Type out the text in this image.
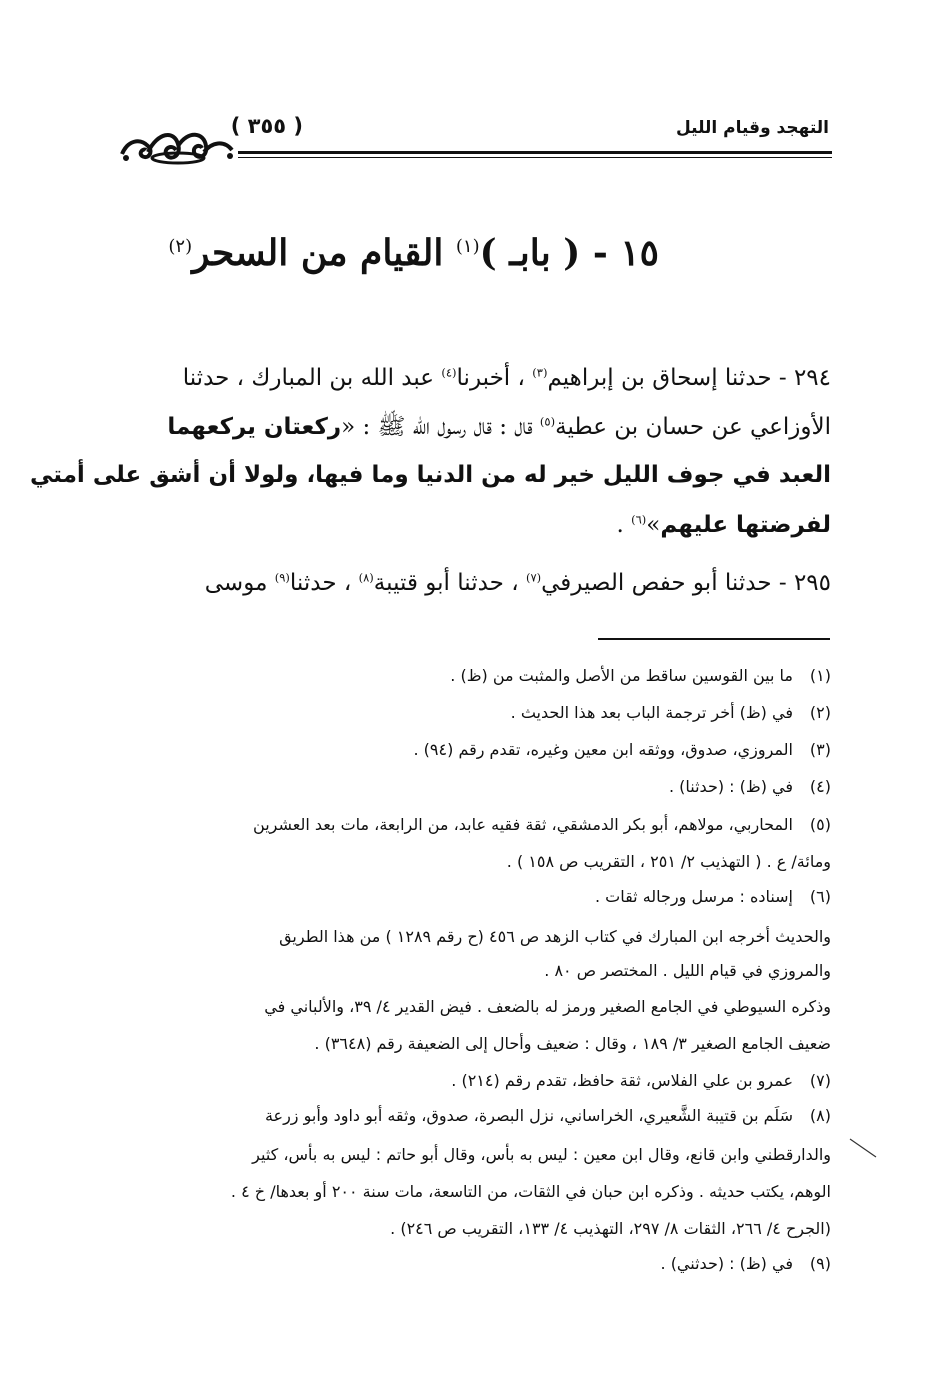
التهجد وقيام الليل
( ٣٥٥ )
١٥ - ( بابـ )$^{(١)}$ القيام من السحر$^{(٢)}$
٢٩٤ - حدثنا إسحاق بن إبراهيم$^{(٣)}$ ، أخبرنا$^{(٤)}$ عبد الله بن المبارك ، حدثنا
الأوزاعي عن حسان بن عطية$^{(٥)}$ قال : قال رسول الله ﷺ : «ركعتان يركعهما
العبد في جوف الليل خير له من الدنيا وما فيها، ولولا أن أشق على أمتي
لفرضتها عليهم»$^{(٦)}$ .
٢٩٥ - حدثنا أبو حفص الصيرفي$^{(٧)}$ ، حدثنا أبو قتيبة$^{(٨)}$ ، حدثنا$^{(٩)}$ موسى
(١)
ما بين القوسين ساقط من الأصل والمثبت من (ظ) .
(٢)
في (ظ) أخر ترجمة الباب بعد هذا الحديث .
(٣)
المروزي، صدوق، ووثقه ابن معين وغيره، تقدم رقم (٩٤) .
(٤)
في (ظ) : (حدثنا) .
(٥)
المحاربي، مولاهم، أبو بكر الدمشقي، ثقة فقيه عابد، من الرابعة، مات بعد العشرين
ومائة/ ع . ( التهذيب ٢/ ٢٥١ ، التقريب ص ١٥٨ ) .
(٦)
إسناده : مرسل ورجاله ثقات .
والحديث أخرجه ابن المبارك في كتاب الزهد ص ٤٥٦ (ح رقم ١٢٨٩ ) من هذا الطريق
والمروزي في قيام الليل . المختصر ص ٨٠ .
وذكره السيوطي في الجامع الصغير ورمز له بالضعف . فيض القدير ٤/ ٣٩، والألباني في
ضعيف الجامع الصغير ٣/ ١٨٩ ، وقال : ضعيف وأحال إلى الضعيفة رقم (٣٦٤٨) .
(٧)
عمرو بن علي الفلاس، ثقة حافظ، تقدم رقم (٢١٤) .
(٨)
سَلَم بن قتيبة الشَّعيري، الخراساني، نزل البصرة، صدوق، وثقه أبو داود وأبو زرعة
والدارقطني وابن قانع، وقال ابن معين : ليس به بأس، وقال أبو حاتم : ليس به بأس، كثير
الوهم، يكتب حديثه . وذكره ابن حبان في الثقات، من التاسعة، مات سنة ٢٠٠ أو بعدها/ خ ٤ .
(الجرح ٤/ ٢٦٦، الثقات ٨/ ٢٩٧، التهذيب ٤/ ١٣٣، التقريب ص ٢٤٦) .
(٩)
في (ظ) : (حدثني) .
